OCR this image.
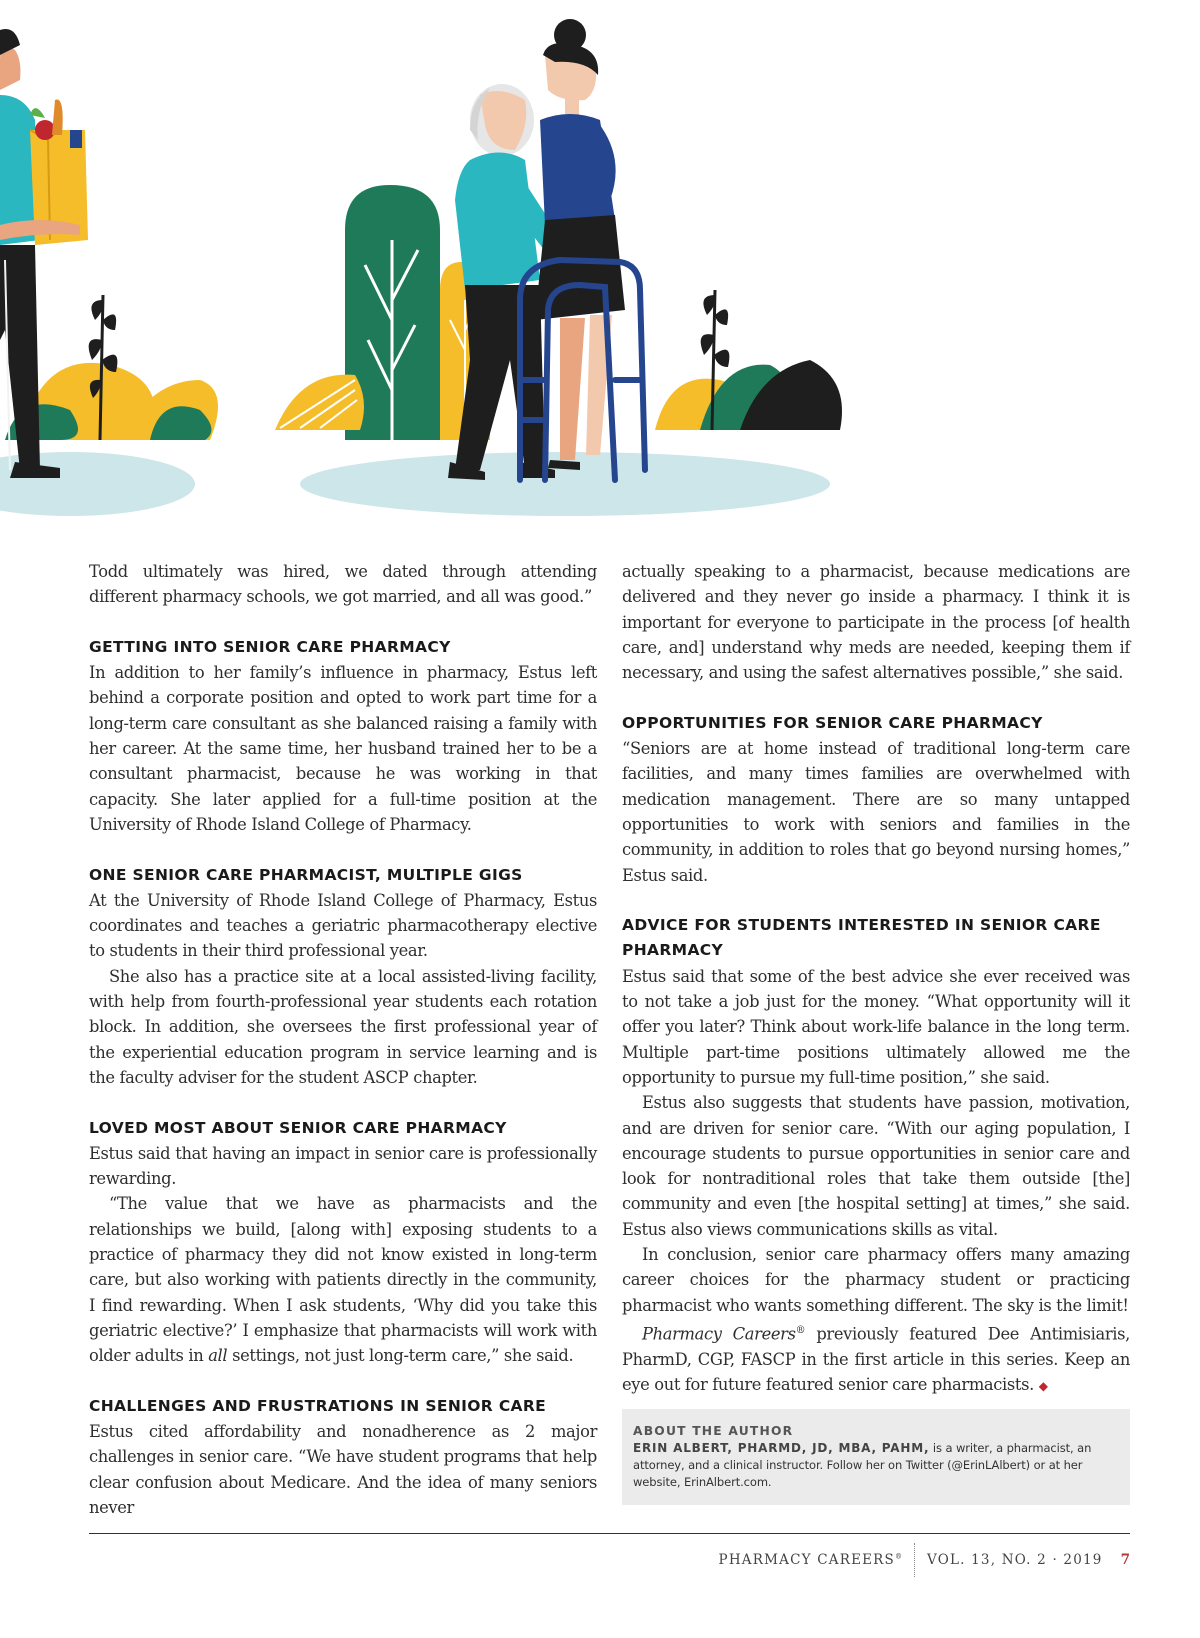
Todd ultimately was hired, we dated through attending different pharmacy schools, we got married, and all was good.”

GETTING INTO SENIOR CARE PHARMACY

In addition to her family’s influence in pharmacy, Estus left behind a corporate position and opted to work part time for a long-term care consultant as she balanced raising a family with her career. At the same time, her husband trained her to be a consultant pharmacist, because he was working in that capacity. She later applied for a full-time position at the University of Rhode Island College of Pharmacy.

ONE SENIOR CARE PHARMACIST, MULTIPLE GIGS

At the University of Rhode Island College of Pharmacy, Estus coordinates and teaches a geriatric pharmacotherapy elective to students in their third professional year.

She also has a practice site at a local assisted-living facility, with help from fourth-professional year students each rotation block. In addition, she oversees the first professional year of the experiential education program in service learning and is the faculty adviser for the student ASCP chapter.

LOVED MOST ABOUT SENIOR CARE PHARMACY

Estus said that having an impact in senior care is professionally rewarding.

“The value that we have as pharmacists and the relationships we build, [along with] exposing students to a practice of pharmacy they did not know existed in long-term care, but also working with patients directly in the community, I find rewarding. When I ask students, ‘Why did you take this geriatric elective?’ I emphasize that pharmacists will work with older adults in all settings, not just long-term care,” she said.

CHALLENGES AND FRUSTRATIONS IN SENIOR CARE

Estus cited affordability and nonadherence as 2 major challenges in senior care. “We have student programs that help clear confusion about Medicare. And the idea of many seniors never

actually speaking to a pharmacist, because medications are delivered and they never go inside a pharmacy. I think it is important for everyone to participate in the process [of health care, and] understand why meds are needed, keeping them if necessary, and using the safest alternatives possible,” she said.

OPPORTUNITIES FOR SENIOR CARE PHARMACY

“Seniors are at home instead of traditional long-term care facilities, and many times families are overwhelmed with medication management. There are so many untapped opportunities to work with seniors and families in the community, in addition to roles that go beyond nursing homes,” Estus said.

ADVICE FOR STUDENTS INTERESTED IN SENIOR CARE PHARMACY

Estus said that some of the best advice she ever received was to not take a job just for the money. “What opportunity will it offer you later? Think about work-life balance in the long term. Multiple part-time positions ultimately allowed me the opportunity to pursue my full-time position,” she said.

Estus also suggests that students have passion, motivation, and are driven for senior care. “With our aging population, I encourage students to pursue opportunities in senior care and look for nontraditional roles that take them outside [the] community and even [the hospital setting] at times,” she said. Estus also views communications skills as vital.

In conclusion, senior care pharmacy offers many amazing career choices for the pharmacy student or practicing pharmacist who wants something different. The sky is the limit!

Pharmacy Careers® previously featured Dee Antimisiaris, PharmD, CGP, FASCP in the first article in this series. Keep an eye out for future featured senior care pharmacists. ◆

ABOUT THE AUTHOR
ERIN ALBERT, PHARMD, JD, MBA, PAHM, is a writer, a pharmacist, an attorney, and a clinical instructor. Follow her on Twitter (@ErinLAlbert) or at her website, ErinAlbert.com.
PHARMACY CAREERS® VOL. 13, NO. 2 · 2019 7
